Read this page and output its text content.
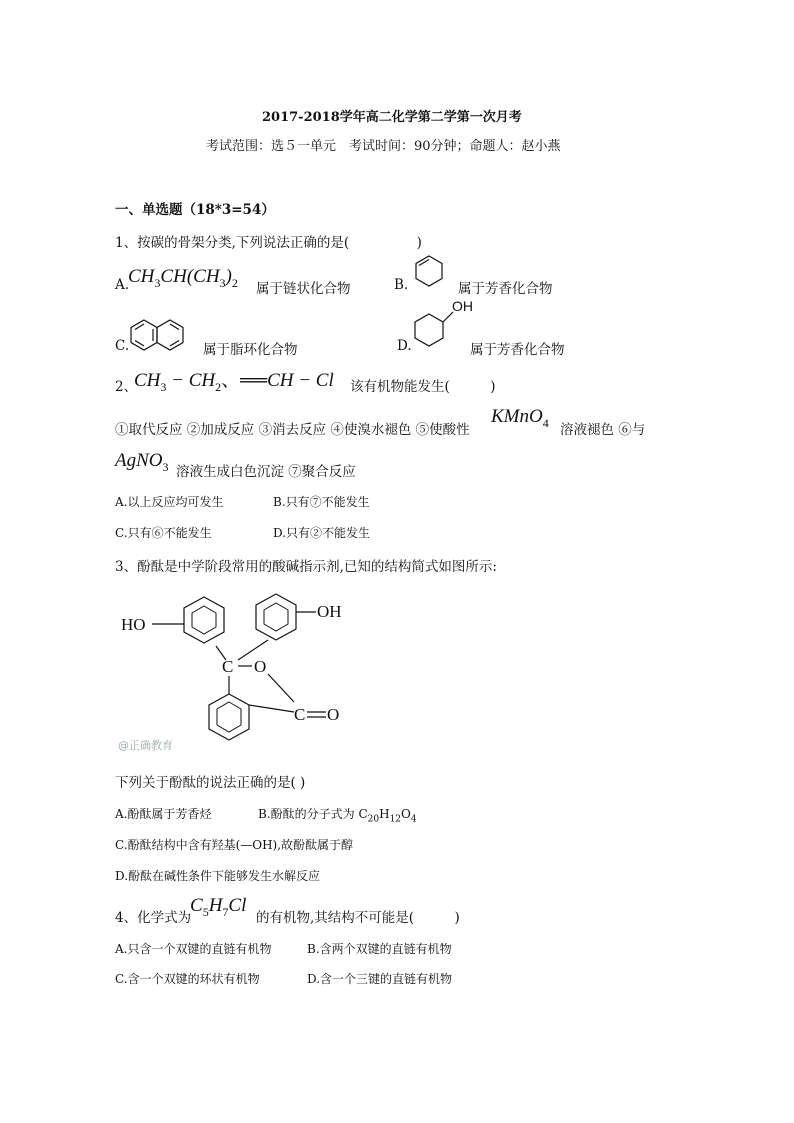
2017-2018学年高二化学第二学第一次月考
考试范围：选５一单元　考试时间：90分钟；命题人：赵小燕
一、单选题（18*3=54）
1、按碳的骨架分类,下列说法正确的是(　　　　　)
A.
$CH_3CH(CH_3)_2$ 属于链状化合物	B.	属于芳香化合物
C.	属于脂环化合物	D.
OH
属于芳香化合物
2、
$CH_3 - CH_2$、══CH − Cl 该有机物能发生(　　　)
①取代反应 ②加成反应 ③消去反应 ④使溴水褪色 ⑤使酸性
KMnO$_4$ 溶液褪色 ⑥与
AgNO$_3$ 溶液生成白色沉淀 ⑦聚合反应
A.以上反应均可发生	B.只有⑦不能发生
C.只有⑥不能发生	D.只有②不能发生
3、酚酞是中学阶段常用的酸碱指示剂,已知的结构简式如图所示:
HO
OH
C O
C O
@正确教育
下列关于酚酞的说法正确的是( )
A.酚酞属于芳香烃	B.酚酞的分子式为 $C_{20}H_{12}O_4$
C.酚酞结构中含有羟基(—OH),故酚酞属于醇
D.酚酞在碱性条件下能够发生水解反应
4、化学式为
$C_5H_7Cl$
的有机物,其结构不可能是(　　　)
A.只含一个双键的直链有机物	B.含两个双键的直链有机物
C.含一个双键的环状有机物	D.含一个三键的直链有机物
